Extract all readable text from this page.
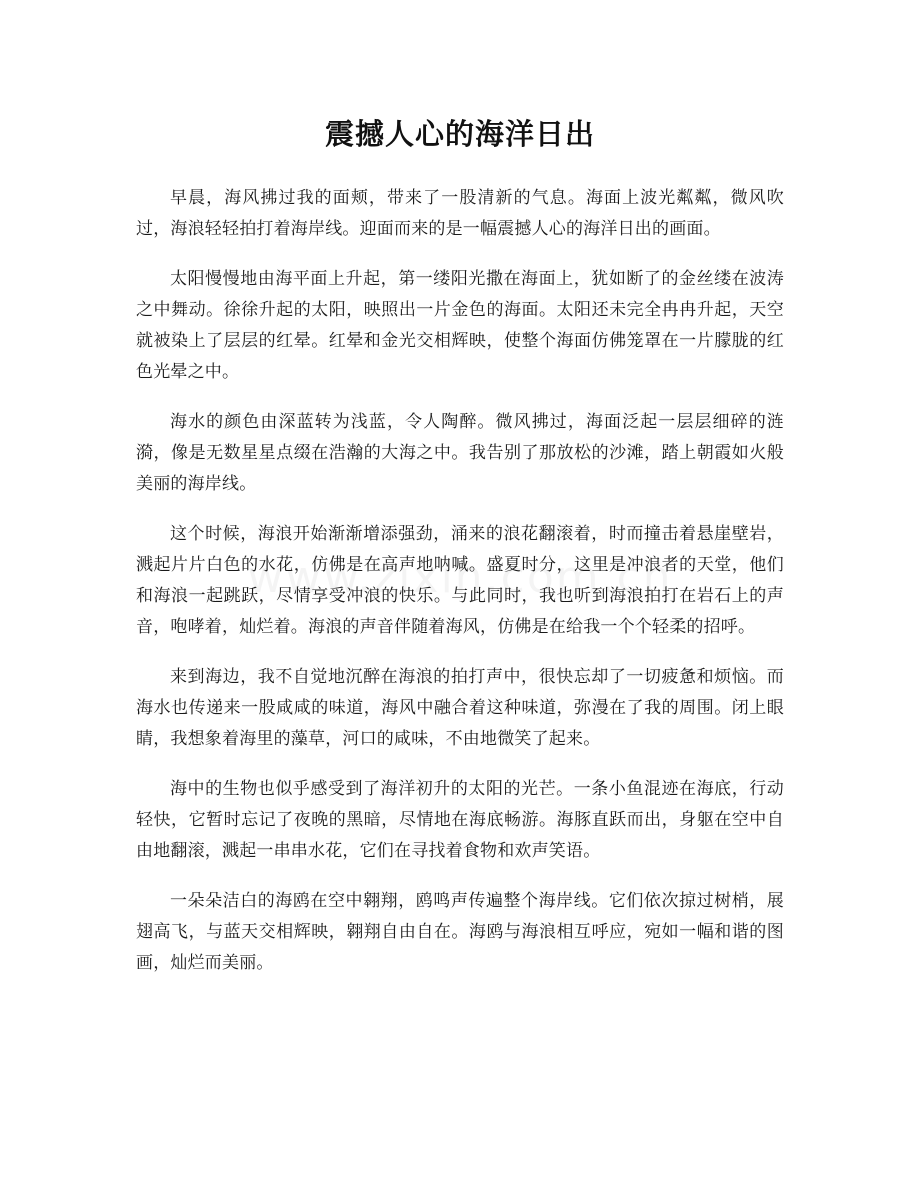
震撼人心的海洋日出

早晨，海风拂过我的面颊，带来了一股清新的气息。海面上波光粼粼，微风吹过，海浪轻轻拍打着海岸线。迎面而来的是一幅震撼人心的海洋日出的画面。

太阳慢慢地由海平面上升起，第一缕阳光撒在海面上，犹如断了的金丝缕在波涛之中舞动。徐徐升起的太阳，映照出一片金色的海面。太阳还未完全冉冉升起，天空就被染上了层层的红晕。红晕和金光交相辉映，使整个海面仿佛笼罩在一片朦胧的红色光晕之中。

海水的颜色由深蓝转为浅蓝，令人陶醉。微风拂过，海面泛起一层层细碎的涟漪，像是无数星星点缀在浩瀚的大海之中。我告别了那放松的沙滩，踏上朝霞如火般美丽的海岸线。

这个时候，海浪开始渐渐增添强劲，涌来的浪花翻滚着，时而撞击着悬崖壁岩，溅起片片白色的水花，仿佛是在高声地呐喊。盛夏时分，这里是冲浪者的天堂，他们和海浪一起跳跃，尽情享受冲浪的快乐。与此同时，我也听到海浪拍打在岩石上的声音，咆哮着，灿烂着。海浪的声音伴随着海风，仿佛是在给我一个个轻柔的招呼。

来到海边，我不自觉地沉醉在海浪的拍打声中，很快忘却了一切疲惫和烦恼。而海水也传递来一股咸咸的味道，海风中融合着这种味道，弥漫在了我的周围。闭上眼睛，我想象着海里的藻草，河口的咸味，不由地微笑了起来。

海中的生物也似乎感受到了海洋初升的太阳的光芒。一条小鱼混迹在海底，行动轻快，它暂时忘记了夜晚的黑暗，尽情地在海底畅游。海豚直跃而出，身躯在空中自由地翻滚，溅起一串串水花，它们在寻找着食物和欢声笑语。

一朵朵洁白的海鸥在空中翱翔，鸥鸣声传遍整个海岸线。它们依次掠过树梢，展翅高飞，与蓝天交相辉映，翱翔自由自在。海鸥与海浪相互呼应，宛如一幅和谐的图画，灿烂而美丽。
